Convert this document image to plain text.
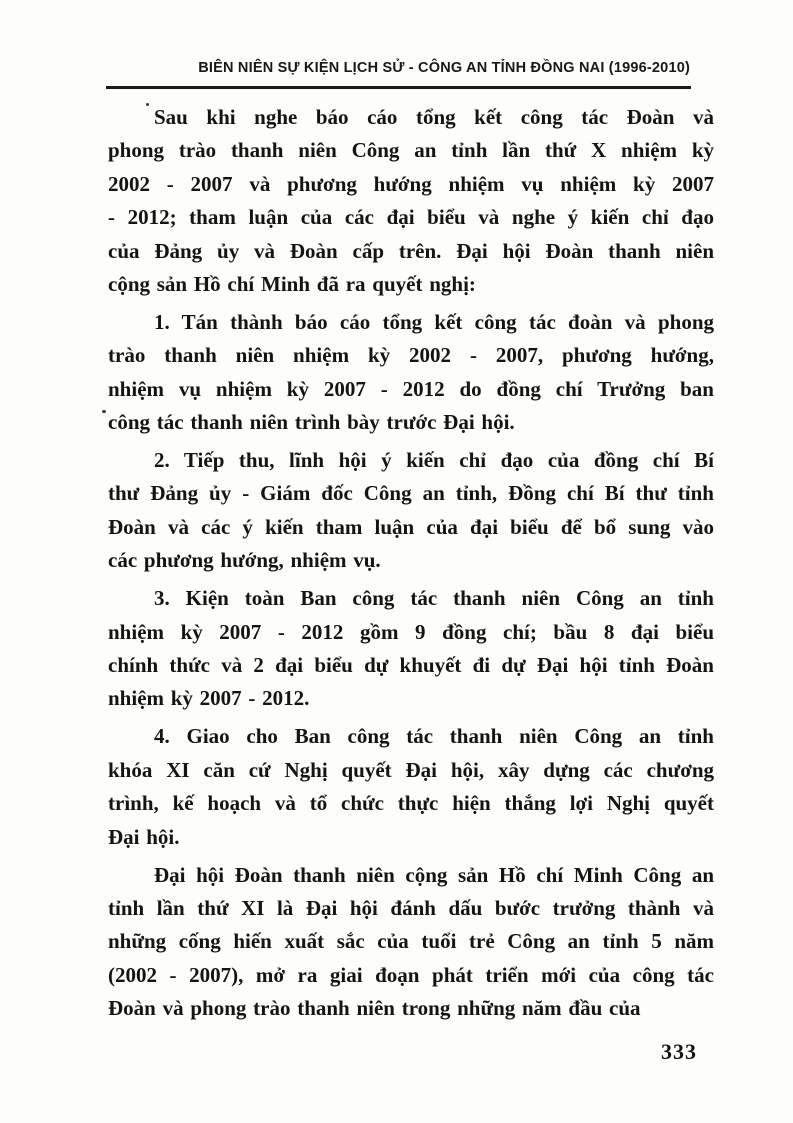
BIÊN NIÊN SỰ KIỆN LỊCH SỬ - CÔNG AN TỈNH ĐỒNG NAI (1996-2010)
Sau khi nghe báo cáo tổng kết công tác Đoàn và
phong trào thanh niên Công an tỉnh lần thứ X nhiệm kỳ
2002 - 2007 và phương hướng nhiệm vụ nhiệm kỳ 2007
- 2012; tham luận của các đại biểu và nghe ý kiến chỉ đạo
của Đảng ủy và Đoàn cấp trên. Đại hội Đoàn thanh niên
cộng sản Hồ chí Minh đã ra quyết nghị:
1. Tán thành báo cáo tổng kết công tác đoàn và phong
trào thanh niên nhiệm kỳ 2002 - 2007, phương hướng,
nhiệm vụ nhiệm kỳ 2007 - 2012 do đồng chí Trưởng ban
công tác thanh niên trình bày trước Đại hội.
2. Tiếp thu, lĩnh hội ý kiến chỉ đạo của đồng chí Bí
thư Đảng ủy - Giám đốc Công an tỉnh, Đồng chí Bí thư tỉnh
Đoàn và các ý kiến tham luận của đại biểu để bổ sung vào
các phương hướng, nhiệm vụ.
3. Kiện toàn Ban công tác thanh niên Công an tỉnh
nhiệm kỳ 2007 - 2012 gồm 9 đồng chí; bầu 8 đại biểu
chính thức và 2 đại biểu dự khuyết đi dự Đại hội tỉnh Đoàn
nhiệm kỳ 2007 - 2012.
4. Giao cho Ban công tác thanh niên Công an tỉnh
khóa XI căn cứ Nghị quyết Đại hội, xây dựng các chương
trình, kế hoạch và tổ chức thực hiện thắng lợi Nghị quyết
Đại hội.
Đại hội Đoàn thanh niên cộng sản Hồ chí Minh Công an
tỉnh lần thứ XI là Đại hội đánh dấu bước trưởng thành và
những cống hiến xuất sắc của tuổi trẻ Công an tỉnh 5 năm
(2002 - 2007), mở ra giai đoạn phát triển mới của công tác
Đoàn và phong trào thanh niên trong những năm đầu của
333
